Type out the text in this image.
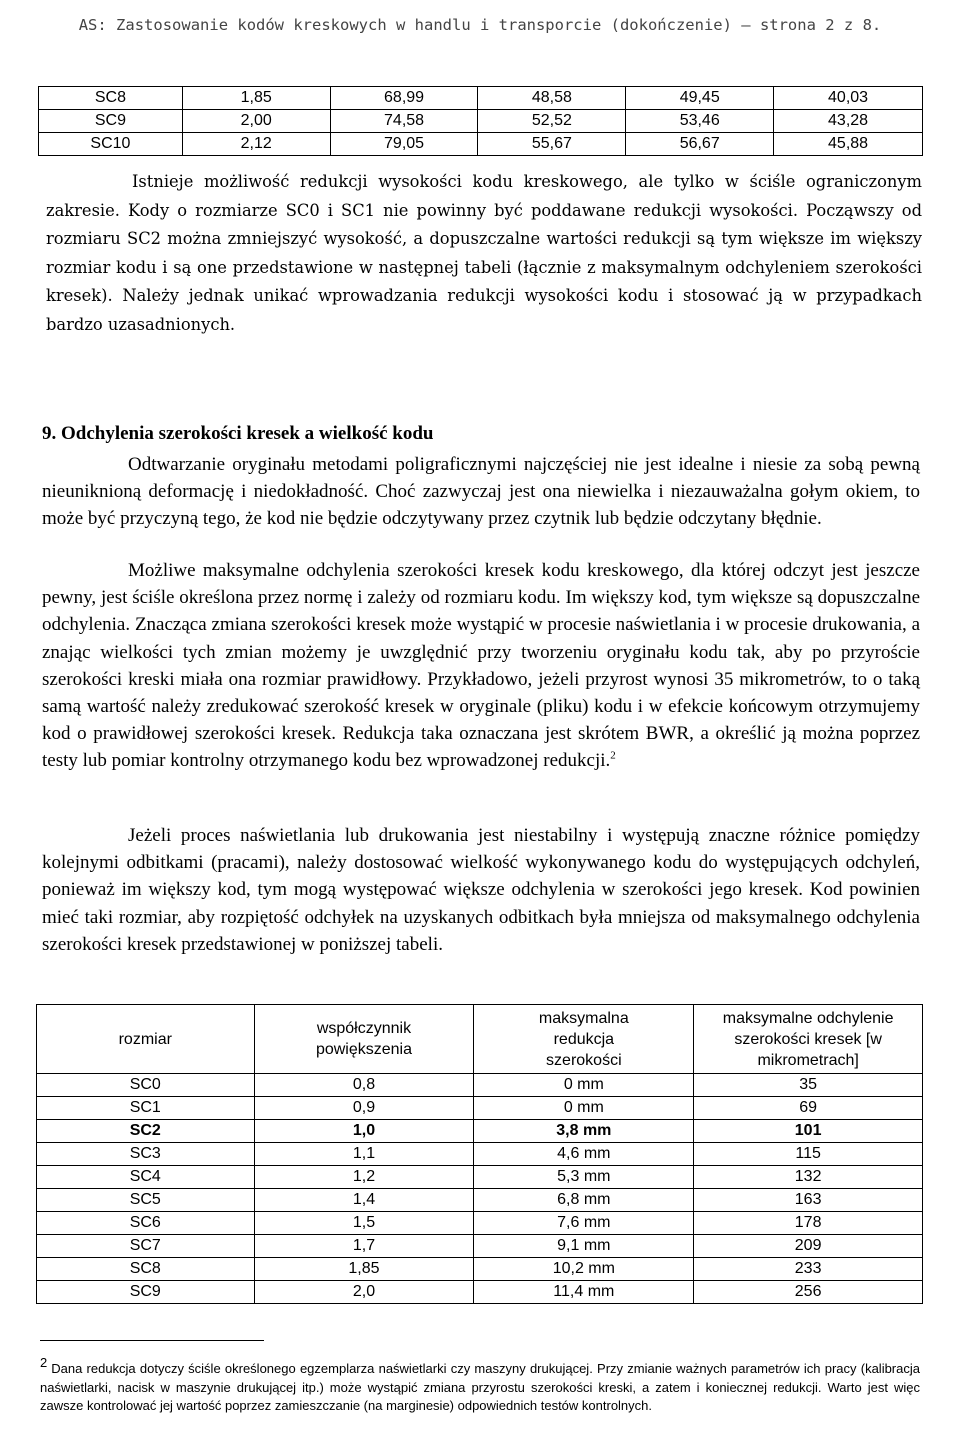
AS: Zastosowanie kodów kreskowych w handlu i transporcie (dokończenie) – strona 2 z 8.
SC8	1,85	68,99	48,58	49,45	40,03
SC9	2,00	74,58	52,52	53,46	43,28
SC10	2,12	79,05	55,67	56,67	45,88

Istnieje możliwość redukcji wysokości kodu kreskowego, ale tylko w ściśle ograniczonym zakresie. Kody o rozmiarze SC0 i SC1 nie powinny być poddawane redukcji wysokości. Począwszy od rozmiaru SC2 można zmniejszyć wysokość, a dopuszczalne wartości redukcji są tym większe im większy rozmiar kodu i są one przedstawione w następnej tabeli (łącznie z maksymalnym odchyleniem szerokości kresek). Należy jednak unikać wprowadzania redukcji wysokości kodu i stosować ją w przypadkach bardzo uzasadnionych.

9. Odchylenia szerokości kresek a wielkość kodu

Odtwarzanie oryginału metodami poligraficznymi najczęściej nie jest idealne i niesie za sobą pewną nieuniknioną deformację i niedokładność. Choć zazwyczaj jest ona niewielka i niezauważalna gołym okiem, to może być przyczyną tego, że kod nie będzie odczytywany przez czytnik lub będzie odczytany błędnie.

Możliwe maksymalne odchylenia szerokości kresek kodu kreskowego, dla której odczyt jest jeszcze pewny, jest ściśle określona przez normę i zależy od rozmiaru kodu. Im większy kod, tym większe są dopuszczalne odchylenia. Znacząca zmiana szerokości kresek może wystąpić w procesie naświetlania i w procesie drukowania, a znając wielkości tych zmian możemy je uwzględnić przy tworzeniu oryginału kodu tak, aby po przyroście szerokości kreski miała ona rozmiar prawidłowy. Przykładowo, jeżeli przyrost wynosi 35 mikrometrów, to o taką samą wartość należy zredukować szerokość kresek w oryginale (pliku) kodu i w efekcie końcowym otrzymujemy kod o prawidłowej szerokości kresek. Redukcja taka oznaczana jest skrótem BWR, a określić ją można poprzez testy lub pomiar kontrolny otrzymanego kodu bez wprowadzonej redukcji.$^2$

Jeżeli proces naświetlania lub drukowania jest niestabilny i występują znaczne różnice pomiędzy kolejnymi odbitkami (pracami), należy dostosować wielkość wykonywanego kodu do występujących odchyleń, ponieważ im większy kod, tym mogą występować większe odchylenia w szerokości jego kresek. Kod powinien mieć taki rozmiar, aby rozpiętość odchyłek na uzyskanych odbitkach była mniejsza od maksymalnego odchylenia szerokości kresek przedstawionej w poniższej tabeli.

rozmiar	współczynnik powiększenia	maksymalna redukcja szerokości	maksymalne odchylenie szerokości kresek [w mikrometrach]
SC0	0,8	0 mm	35
SC1	0,9	0 mm	69
SC2	1,0	3,8 mm	101
SC3	1,1	4,6 mm	115
SC4	1,2	5,3 mm	132
SC5	1,4	6,8 mm	163
SC6	1,5	7,6 mm	178
SC7	1,7	9,1 mm	209
SC8	1,85	10,2 mm	233
SC9	2,0	11,4 mm	256
2 Dana redukcja dotyczy ściśle określonego egzemplarza naświetlarki czy maszyny drukującej. Przy zmianie ważnych parametrów ich pracy (kalibracja naświetlarki, nacisk w maszynie drukującej itp.) może wystąpić zmiana przyrostu szerokości kreski, a zatem i koniecznej redukcji. Warto jest więc zawsze kontrolować jej wartość poprzez zamieszczanie (na marginesie) odpowiednich testów kontrolnych.
